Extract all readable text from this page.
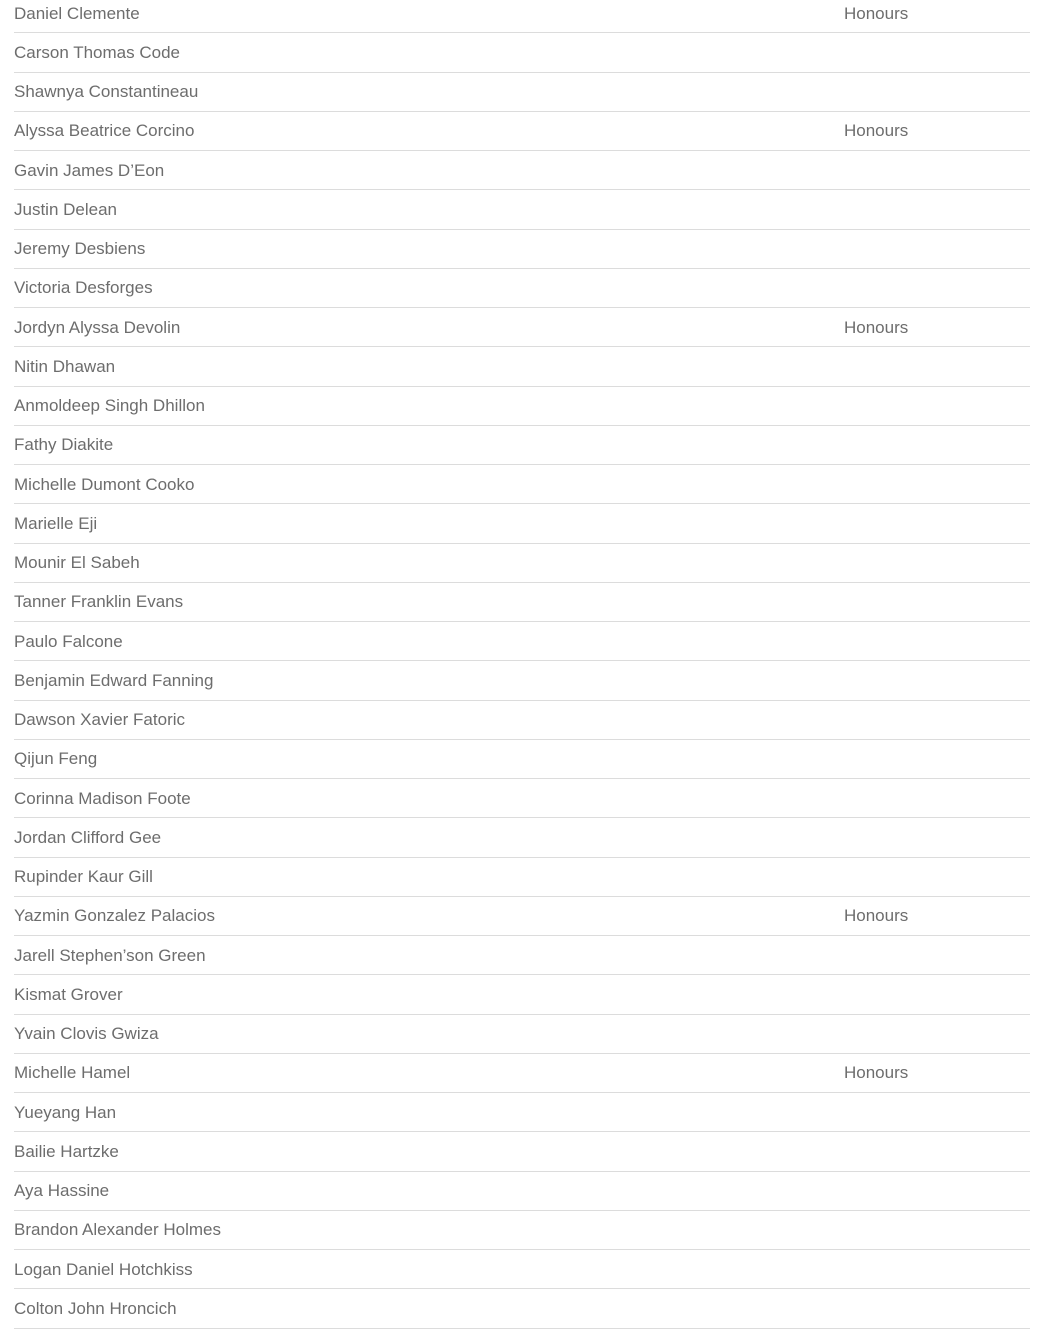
Daniel Clemente	Honours
Carson Thomas Code
Shawnya Constantineau
Alyssa Beatrice Corcino	Honours
Gavin James D’Eon
Justin Delean
Jeremy Desbiens
Victoria Desforges
Jordyn Alyssa Devolin	Honours
Nitin Dhawan
Anmoldeep Singh Dhillon
Fathy Diakite
Michelle Dumont Cooko
Marielle Eji
Mounir El Sabeh
Tanner Franklin Evans
Paulo Falcone
Benjamin Edward Fanning
Dawson Xavier Fatoric
Qijun Feng
Corinna Madison Foote
Jordan Clifford Gee
Rupinder Kaur Gill
Yazmin Gonzalez Palacios	Honours
Jarell Stephen’son Green
Kismat Grover
Yvain Clovis Gwiza
Michelle Hamel	Honours
Yueyang Han
Bailie Hartzke
Aya Hassine
Brandon Alexander Holmes
Logan Daniel Hotchkiss
Colton John Hroncich
